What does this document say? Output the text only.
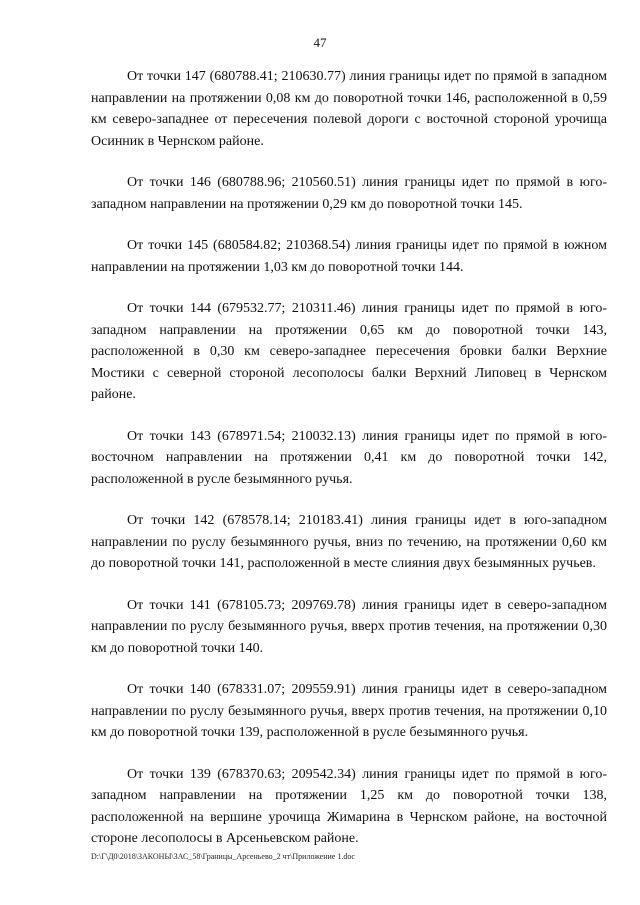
47

От точки 147 (680788.41; 210630.77) линия границы идет по прямой в западном направлении на протяжении 0,08 км до поворотной точки 146, расположенной в 0,59 км северо-западнее от пересечения полевой дороги с восточной стороной урочища Осинник в Чернском районе.

От точки 146 (680788.96; 210560.51) линия границы идет по прямой в юго-западном направлении на протяжении 0,29 км до поворотной точки 145.

От точки 145 (680584.82; 210368.54) линия границы идет по прямой в южном направлении на протяжении 1,03 км до поворотной точки 144.

От точки 144 (679532.77; 210311.46) линия границы идет по прямой в юго-западном направлении на протяжении 0,65 км до поворотной точки 143, расположенной в 0,30 км северо-западнее пересечения бровки балки Верхние Мостики с северной стороной лесополосы балки Верхний Липовец в Чернском районе.

От точки 143 (678971.54; 210032.13) линия границы идет по прямой в юго-восточном направлении на протяжении 0,41 км до поворотной точки 142, расположенной в русле безымянного ручья.

От точки 142 (678578.14; 210183.41) линия границы идет в юго-западном направлении по руслу безымянного ручья, вниз по течению, на протяжении 0,60 км до поворотной точки 141, расположенной в месте слияния двух безымянных ручьев.

От точки 141 (678105.73; 209769.78) линия границы идет в северо-западном направлении по руслу безымянного ручья, вверх против течения, на протяжении 0,30 км до поворотной точки 140.

От точки 140 (678331.07; 209559.91) линия границы идет в северо-западном направлении по руслу безымянного ручья, вверх против течения, на протяжении 0,10 км до поворотной точки 139, расположенной в русле безымянного ручья.

От точки 139 (678370.63; 209542.34) линия границы идет по прямой в юго-западном направлении на протяжении 1,25 км до поворотной точки 138, расположенной на вершине урочища Жимарина в Чернском районе, на восточной стороне лесополосы в Арсеньевском районе.

D:\Г\Д0\2018\ЗАКОНЫ\ЗАС_58\Границы_Арсеньево_2 чт\Приложение 1.doc
